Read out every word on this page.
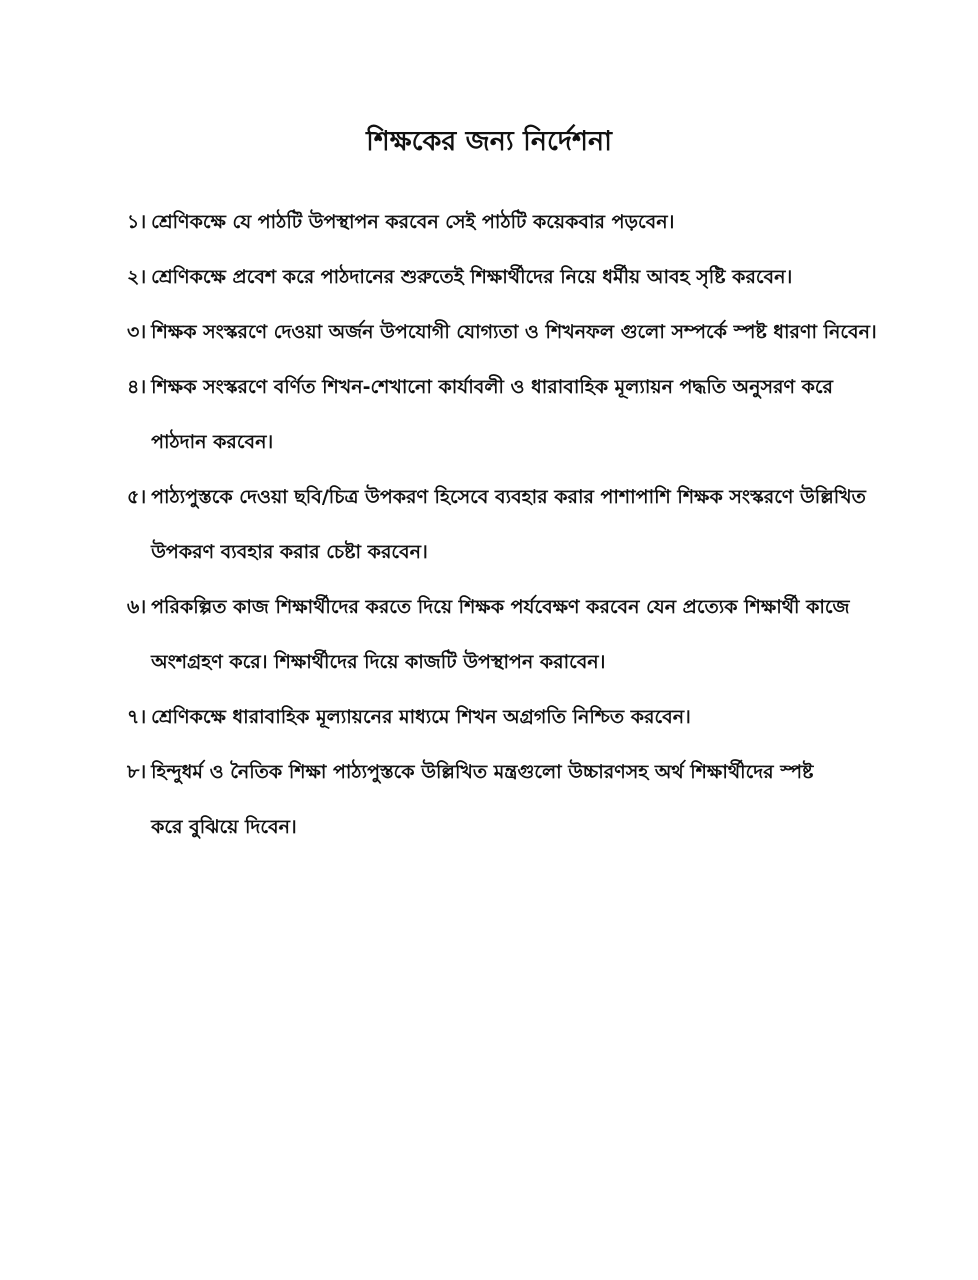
শিক্ষকের জন্য নির্দেশনা
১। শ্রেণিকক্ষে যে পাঠটি উপস্থাপন করবেন সেই পাঠটি কয়েকবার পড়বেন।
২। শ্রেণিকক্ষে প্রবেশ করে পাঠদানের শুরুতেই শিক্ষার্থীদের নিয়ে ধর্মীয় আবহ সৃষ্টি করবেন।
৩। শিক্ষক সংস্করণে দেওয়া অর্জন উপযোগী যোগ্যতা ও শিখনফল গুলো সম্পর্কে স্পষ্ট ধারণা নিবেন।
৪। শিক্ষক সংস্করণে বর্ণিত শিখন-শেখানো কার্যাবলী ও ধারাবাহিক মূল্যায়ন পদ্ধতি অনুসরণ করে
পাঠদান করবেন।
৫। পাঠ্যপুস্তকে দেওয়া ছবি/চিত্র উপকরণ হিসেবে ব্যবহার করার পাশাপাশি শিক্ষক সংস্করণে উল্লিখিত
উপকরণ ব্যবহার করার চেষ্টা করবেন।
৬। পরিকল্পিত কাজ শিক্ষার্থীদের করতে দিয়ে শিক্ষক পর্যবেক্ষণ করবেন যেন প্রত্যেক শিক্ষার্থী কাজে
অংশগ্রহণ করে। শিক্ষার্থীদের দিয়ে কাজটি উপস্থাপন করাবেন।
৭। শ্রেণিকক্ষে ধারাবাহিক মূল্যায়নের মাধ্যমে শিখন অগ্রগতি নিশ্চিত করবেন।
৮। হিন্দুধর্ম ও নৈতিক শিক্ষা পাঠ্যপুস্তকে উল্লিখিত মন্ত্রগুলো উচ্চারণসহ অর্থ শিক্ষার্থীদের স্পষ্ট
করে বুঝিয়ে দিবেন।
